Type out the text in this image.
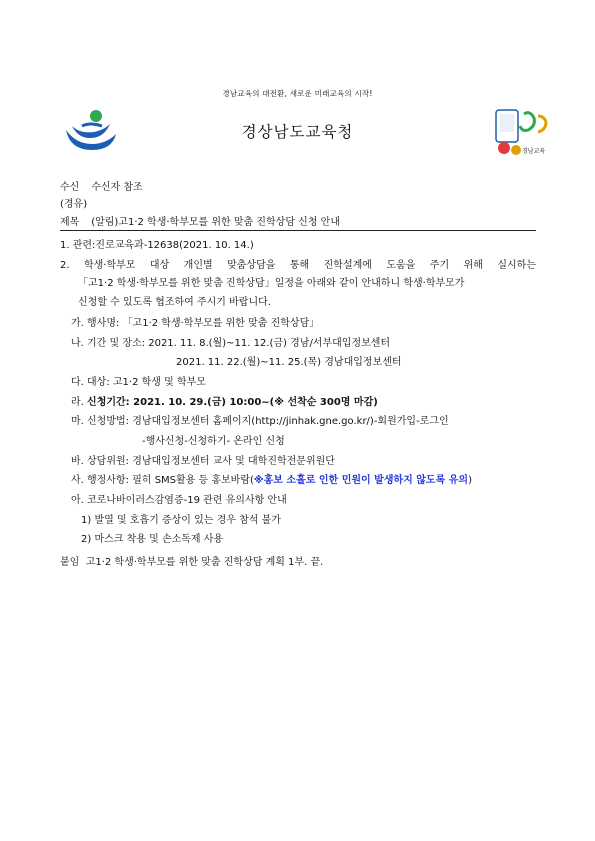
경남교육의 대전환, 새로운 미래교육의 시작!
경상남도교육청
경남교육
수신 수신자 참조
(경유)
제목 (알림)고1·2 학생·학부모를 위한 맞춤 진학상담 신청 안내
1. 관련:진로교육과-12638(2021. 10. 14.)
2. 학생·학부모 대상 개인별 맞춤상담을 통해 진학설계에 도움을 주기 위해 실시하는
「고1·2 학생·학부모를 위한 맞춤 진학상담」일정을 아래와 같이 안내하니 학생·학부모가
신청할 수 있도록 협조하여 주시기 바랍니다.
가. 행사명: 「고1·2 학생·학부모를 위한 맞춤 진학상담」
나. 기간 및 장소: 2021. 11. 8.(월)~11. 12.(금) 경남/서부대입정보센터
2021. 11. 22.(월)~11. 25.(목) 경남대입정보센터
다. 대상: 고1·2 학생 및 학부모
라. 신청기간: 2021. 10. 29.(금) 10:00~(※ 선착순 300명 마감)
마. 신청방법: 경남대입정보센터 홈페이지(http://jinhak.gne.go.kr/)-회원가입-로그인
-행사신청-신청하기- 온라인 신청
바. 상담위원: 경남대입정보센터 교사 및 대학진학전문위원단
사. 행정사항: 필히 SMS활용 등 홍보바람(※홍보 소홀로 인한 민원이 발생하지 않도록 유의)
아. 코로나바이러스감염증-19 관련 유의사항 안내
1) 발열 및 호흡기 증상이 있는 경우 참석 불가
2) 마스크 착용 및 손소독제 사용
붙임 고1·2 학생·학부모를 위한 맞춤 진학상담 계획 1부. 끝.
